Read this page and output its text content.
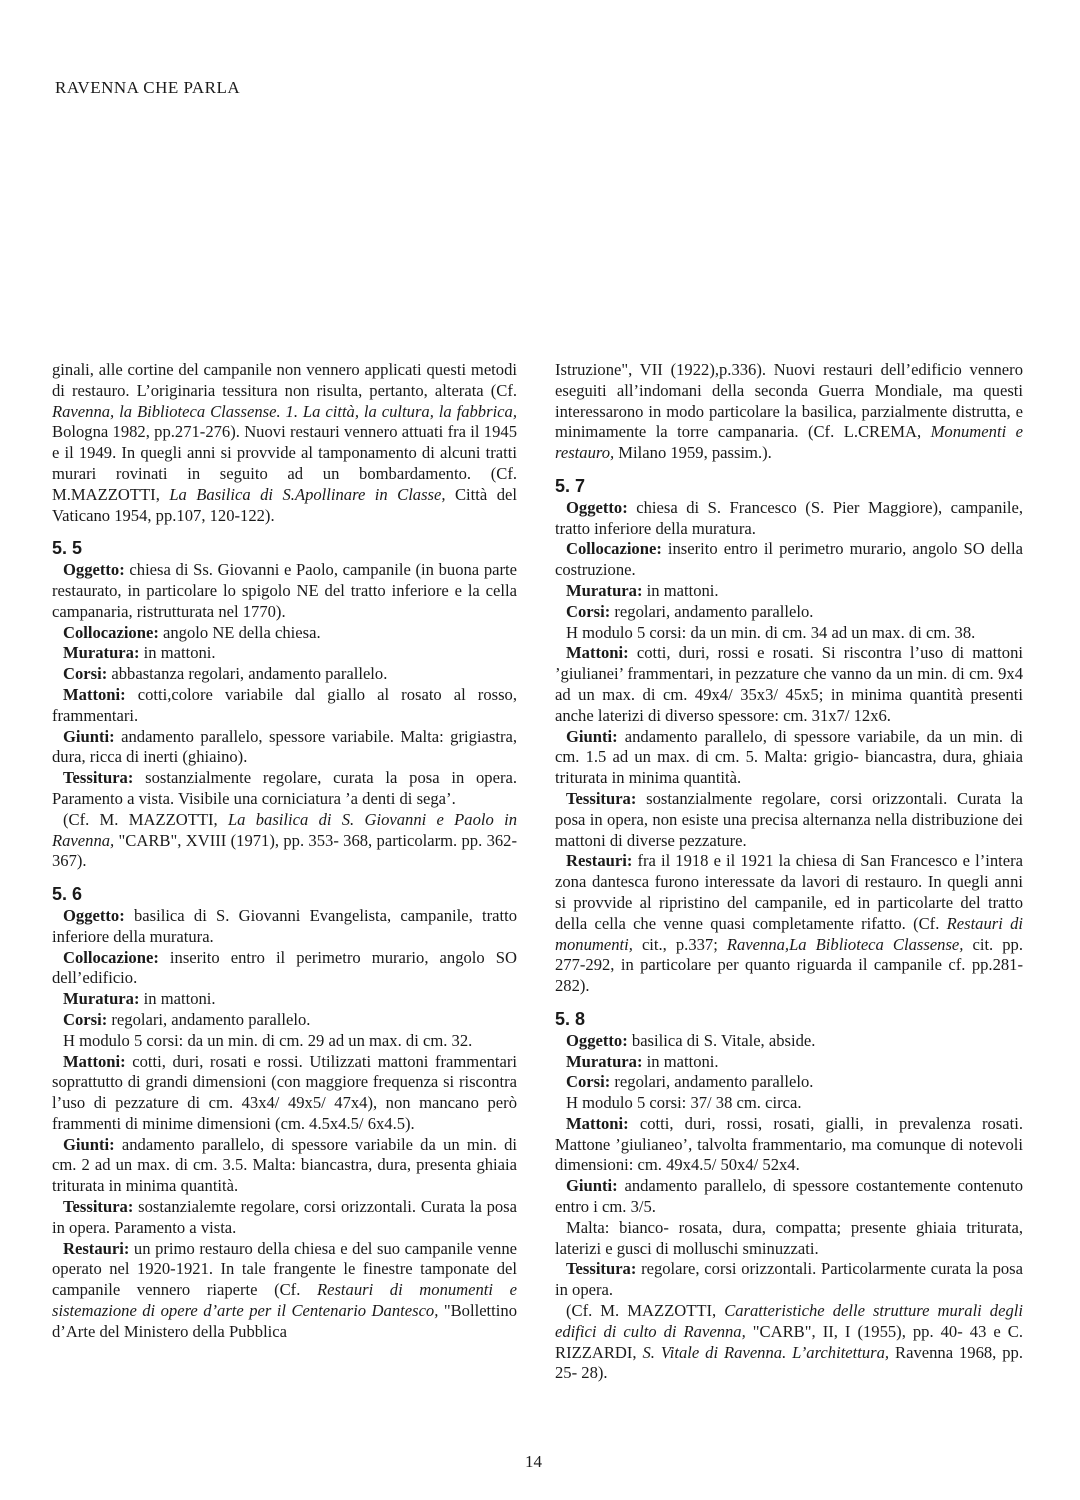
RAVENNA CHE PARLA

ginali, alle cortine del campanile non vennero applicati questi metodi di restauro. L’originaria tessitura non risulta, pertanto, alterata (Cf. Ravenna, la Biblioteca Classense. 1. La città, la cultura, la fabbrica, Bologna 1982, pp.271-276). Nuovi restauri vennero attuati fra il 1945 e il 1949. In quegli anni si provvide al tamponamento di alcuni tratti murari rovinati in seguito ad un bombardamento. (Cf. M.MAZZOTTI, La Basilica di S.Apollinare in Classe, Città del Vaticano 1954, pp.107, 120-122).

5. 5

Oggetto: chiesa di Ss. Giovanni e Paolo, campanile (in buona parte restaurato, in particolare lo spigolo NE del tratto inferiore e la cella campanaria, ristrutturata nel 1770).

Collocazione: angolo NE della chiesa.

Muratura: in mattoni.

Corsi: abbastanza regolari, andamento parallelo.

Mattoni: cotti,colore variabile dal giallo al rosato al rosso, frammentari.

Giunti: andamento parallelo, spessore variabile. Malta: grigiastra, dura, ricca di inerti (ghiaino).

Tessitura: sostanzialmente regolare, curata la posa in opera. Paramento a vista. Visibile una corniciatura ’a denti di sega’.

(Cf. M. MAZZOTTI, La basilica di S. Giovanni e Paolo in Ravenna, "CARB", XVIII (1971), pp. 353- 368, particolarm. pp. 362- 367).

5. 6

Oggetto: basilica di S. Giovanni Evangelista, campanile, tratto inferiore della muratura.

Collocazione: inserito entro il perimetro murario, angolo SO dell’edificio.

Muratura: in mattoni.

Corsi: regolari, andamento parallelo.

H modulo 5 corsi: da un min. di cm. 29 ad un max. di cm. 32.

Mattoni: cotti, duri, rosati e rossi. Utilizzati mattoni frammentari soprattutto di grandi dimensioni (con maggiore frequenza si riscontra l’uso di pezzature di cm. 43x4/ 49x5/ 47x4), non mancano però frammenti di minime dimensioni (cm. 4.5x4.5/ 6x4.5).

Giunti: andamento parallelo, di spessore variabile da un min. di cm. 2 ad un max. di cm. 3.5. Malta: biancastra, dura, presenta ghiaia triturata in minima quantità.

Tessitura: sostanzialemte regolare, corsi orizzontali. Curata la posa in opera. Paramento a vista.

Restauri: un primo restauro della chiesa e del suo campanile venne operato nel 1920-1921. In tale frangente le finestre tamponate del campanile vennero riaperte (Cf. Restauri di monumenti e sistemazione di opere d’arte per il Centenario Dantesco, "Bollettino d’Arte del Ministero della Pubblica

Istruzione", VII (1922),p.336). Nuovi restauri dell’edificio vennero eseguiti all’indomani della seconda Guerra Mondiale, ma questi interessarono in modo particolare la basilica, parzialmente distrutta, e minimamente la torre campanaria. (Cf. L.CREMA, Monumenti e restauro, Milano 1959, passim.).

5. 7

Oggetto: chiesa di S. Francesco (S. Pier Maggiore), campanile, tratto inferiore della muratura.

Collocazione: inserito entro il perimetro murario, angolo SO della costruzione.

Muratura: in mattoni.

Corsi: regolari, andamento parallelo.

H modulo 5 corsi: da un min. di cm. 34 ad un max. di cm. 38.

Mattoni: cotti, duri, rossi e rosati. Si riscontra l’uso di mattoni ’giulianei’ frammentari, in pezzature che vanno da un min. di cm. 9x4 ad un max. di cm. 49x4/ 35x3/ 45x5; in minima quantità presenti anche laterizi di diverso spessore: cm. 31x7/ 12x6.

Giunti: andamento parallelo, di spessore variabile, da un min. di cm. 1.5 ad un max. di cm. 5. Malta: grigio- biancastra, dura, ghiaia triturata in minima quantità.

Tessitura: sostanzialmente regolare, corsi orizzontali. Curata la posa in opera, non esiste una precisa alternanza nella distribuzione dei mattoni di diverse pezzature.

Restauri: fra il 1918 e il 1921 la chiesa di San Francesco e l’intera zona dantesca furono interessate da lavori di restauro. In quegli anni si provvide al ripristino del campanile, ed in particolarte del tratto della cella che venne quasi completamente rifatto. (Cf. Restauri di monumenti, cit., p.337; Ravenna,La Biblioteca Classense, cit. pp. 277-292, in particolare per quanto riguarda il campanile cf. pp.281-282).

5. 8

Oggetto: basilica di S. Vitale, abside.

Muratura: in mattoni.

Corsi: regolari, andamento parallelo.

H modulo 5 corsi: 37/ 38 cm. circa.

Mattoni: cotti, duri, rossi, rosati, gialli, in prevalenza rosati. Mattone ’giulianeo’, talvolta frammentario, ma comunque di notevoli dimensioni: cm. 49x4.5/ 50x4/ 52x4.

Giunti: andamento parallelo, di spessore costantemente contenuto entro i cm. 3/5.

Malta: bianco- rosata, dura, compatta; presente ghiaia triturata, laterizi e gusci di molluschi sminuzzati.

Tessitura: regolare, corsi orizzontali. Particolarmente curata la posa in opera.

(Cf. M. MAZZOTTI, Caratteristiche delle strutture murali degli edifici di culto di Ravenna, "CARB", II, I (1955), pp. 40- 43 e C. RIZZARDI, S. Vitale di Ravenna. L’architettura, Ravenna 1968, pp. 25- 28).

14
